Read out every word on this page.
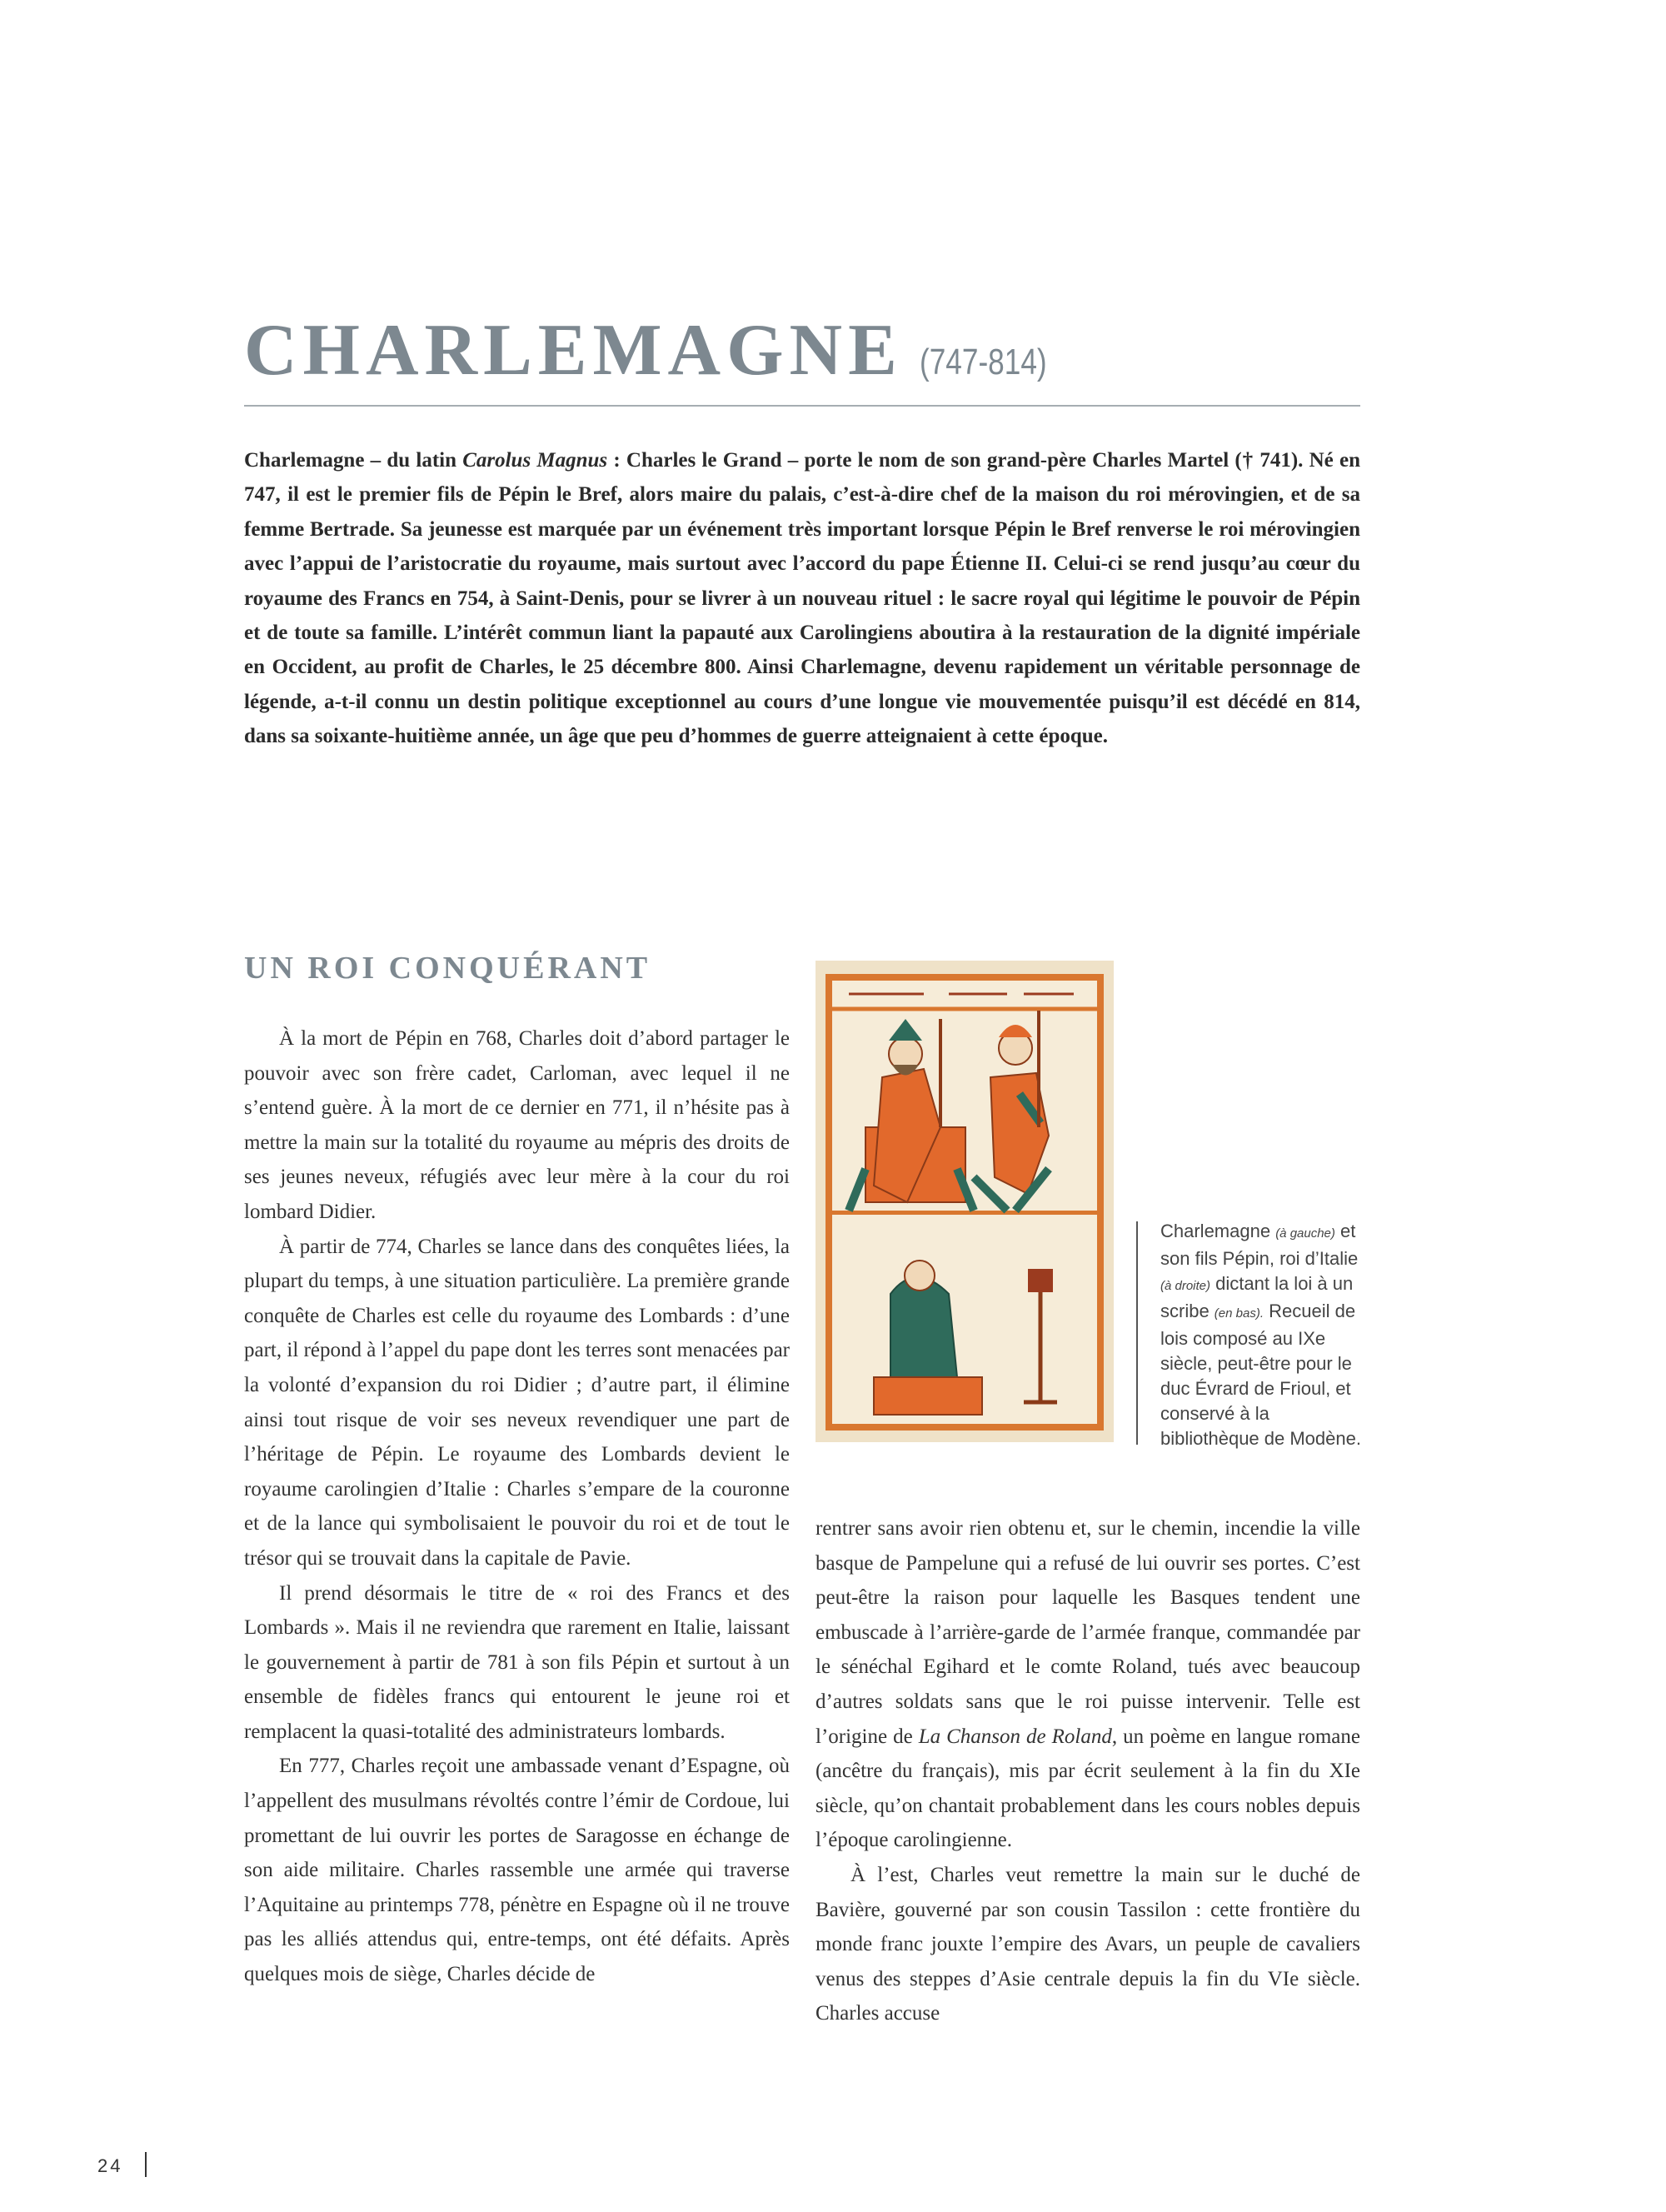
CHARLEMAGNE (747-814)

Charlemagne – du latin Carolus Magnus : Charles le Grand – porte le nom de son grand-père Charles Martel († 741). Né en 747, il est le premier fils de Pépin le Bref, alors maire du palais, c’est-à-dire chef de la maison du roi mérovingien, et de sa femme Bertrade. Sa jeunesse est marquée par un événement très important lorsque Pépin le Bref renverse le roi mérovingien avec l’appui de l’aristocratie du royaume, mais surtout avec l’accord du pape Étienne II. Celui-ci se rend jusqu’au cœur du royaume des Francs en 754, à Saint-Denis, pour se livrer à un nouveau rituel : le sacre royal qui légitime le pouvoir de Pépin et de toute sa famille. L’intérêt commun liant la papauté aux Carolingiens aboutira à la restauration de la dignité impériale en Occident, au profit de Charles, le 25 décembre 800. Ainsi Charlemagne, devenu rapidement un véritable personnage de légende, a-t-il connu un destin politique exceptionnel au cours d’une longue vie mouvementée puisqu’il est décédé en 814, dans sa soixante-huitième année, un âge que peu d’hommes de guerre atteignaient à cette époque.

UN ROI CONQUÉRANT

À la mort de Pépin en 768, Charles doit d’abord partager le pouvoir avec son frère cadet, Carloman, avec lequel il ne s’entend guère. À la mort de ce dernier en 771, il n’hésite pas à mettre la main sur la totalité du royaume au mépris des droits de ses jeunes neveux, réfugiés avec leur mère à la cour du roi lombard Didier.

À partir de 774, Charles se lance dans des conquêtes liées, la plupart du temps, à une situation particulière. La première grande conquête de Charles est celle du royaume des Lombards : d’une part, il répond à l’appel du pape dont les terres sont menacées par la volonté d’expansion du roi Didier ; d’autre part, il élimine ainsi tout risque de voir ses neveux revendiquer une part de l’héritage de Pépin. Le royaume des Lombards devient le royaume carolingien d’Italie : Charles s’empare de la couronne et de la lance qui symbolisaient le pouvoir du roi et de tout le trésor qui se trouvait dans la capitale de Pavie.

Il prend désormais le titre de « roi des Francs et des Lombards ». Mais il ne reviendra que rarement en Italie, laissant le gouvernement à partir de 781 à son fils Pépin et surtout à un ensemble de fidèles francs qui entourent le jeune roi et remplacent la quasi-totalité des administrateurs lombards.

En 777, Charles reçoit une ambassade venant d’Espagne, où l’appellent des musulmans révoltés contre l’émir de Cordoue, lui promettant de lui ouvrir les portes de Saragosse en échange de son aide militaire. Charles rassemble une armée qui traverse l’Aquitaine au printemps 778, pénètre en Espagne où il ne trouve pas les alliés attendus qui, entre-temps, ont été défaits. Après quelques mois de siège, Charles décide de

Charlemagne (à gauche) et son fils Pépin, roi d’Italie (à droite) dictant la loi à un scribe (en bas). Recueil de lois composé au IXe siècle, peut-être pour le duc Évrard de Frioul, et conservé à la bibliothèque de Modène.

rentrer sans avoir rien obtenu et, sur le chemin, incendie la ville basque de Pampelune qui a refusé de lui ouvrir ses portes. C’est peut-être la raison pour laquelle les Basques tendent une embuscade à l’arrière-garde de l’armée franque, commandée par le sénéchal Egihard et le comte Roland, tués avec beaucoup d’autres soldats sans que le roi puisse intervenir. Telle est l’origine de La Chanson de Roland, un poème en langue romane (ancêtre du français), mis par écrit seulement à la fin du XIe siècle, qu’on chantait probablement dans les cours nobles depuis l’époque carolingienne.

À l’est, Charles veut remettre la main sur le duché de Bavière, gouverné par son cousin Tassilon : cette frontière du monde franc jouxte l’empire des Avars, un peuple de cavaliers venus des steppes d’Asie centrale depuis la fin du VIe siècle. Charles accuse

24
